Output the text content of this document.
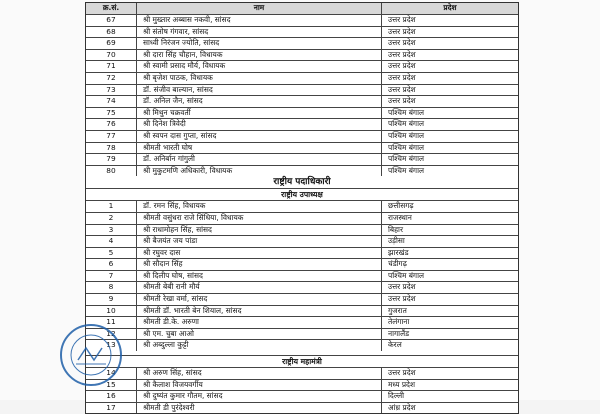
क्र.सं.	नाम	प्रदेश
67	श्री मुख्तार अब्बास नकवी, सांसद	उत्तर प्रदेश
68	श्री संतोष गंगवार, सांसद	उत्तर प्रदेश
69	साध्वी निरंजन ज्योति, सांसद	उत्तर प्रदेश
70	श्री दारा सिंह चौहान, विधायक	उत्तर प्रदेश
71	श्री स्वामी प्रसाद मौर्य, विधायक	उत्तर प्रदेश
72	श्री बृजेश पाठक, विधायक	उत्तर प्रदेश
73	डॉ. संजीव बाल्यान, सांसद	उत्तर प्रदेश
74	डॉ. अनिल जैन, सांसद	उत्तर प्रदेश
75	श्री मिथुन चक्रवर्ती	पश्चिम बंगाल
76	श्री दिनेश त्रिवेदी	पश्चिम बंगाल
77	श्री स्वपन दास गुप्ता, सांसद	पश्चिम बंगाल
78	श्रीमती भारती घोष	पश्चिम बंगाल
79	डॉ. अनिर्बान गांगुली	पश्चिम बंगाल
80	श्री मुकुटमणि अधिकारी, विधायक	पश्चिम बंगाल
राष्ट्रीय पदाधिकारी
राष्ट्रीय उपाध्यक्ष
1	डॉ. रमन सिंह, विधायक	छत्तीसगढ़
2	श्रीमती वसुंधरा राजे सिंधिया, विधायक	राजस्थान
3	श्री राधामोहन सिंह, सांसद	बिहार
4	श्री बैजयंत जय पांडा	उड़ीसा
5	श्री रघुवर दास	झारखंड
6	श्री सौदान सिंह	चंडीगढ़
7	श्री दिलीप घोष, सांसद	पश्चिम बंगाल
8	श्रीमती बेबी रानी मौर्य	उत्तर प्रदेश
9	श्रीमती रेखा वर्मा, सांसद	उत्तर प्रदेश
10	श्रीमती डॉ. भारती बेन शियाल, सांसद	गुजरात
11	श्रीमती डी.के. अरुणा	तेलंगाना
12	श्री एम. चुबा आओ	नागालैंड
13	श्री अब्दुल्ला कुट्टी	केरल
राष्ट्रीय महामंत्री
14	श्री अरुण सिंह, सांसद	उत्तर प्रदेश
15	श्री कैलाश विजयवर्गीय	मध्य प्रदेश
16	श्री दुष्यंत कुमार गौतम, सांसद	दिल्ली
17	श्रीमती डी पुरंदेश्वरी	आंध्र प्रदेश
